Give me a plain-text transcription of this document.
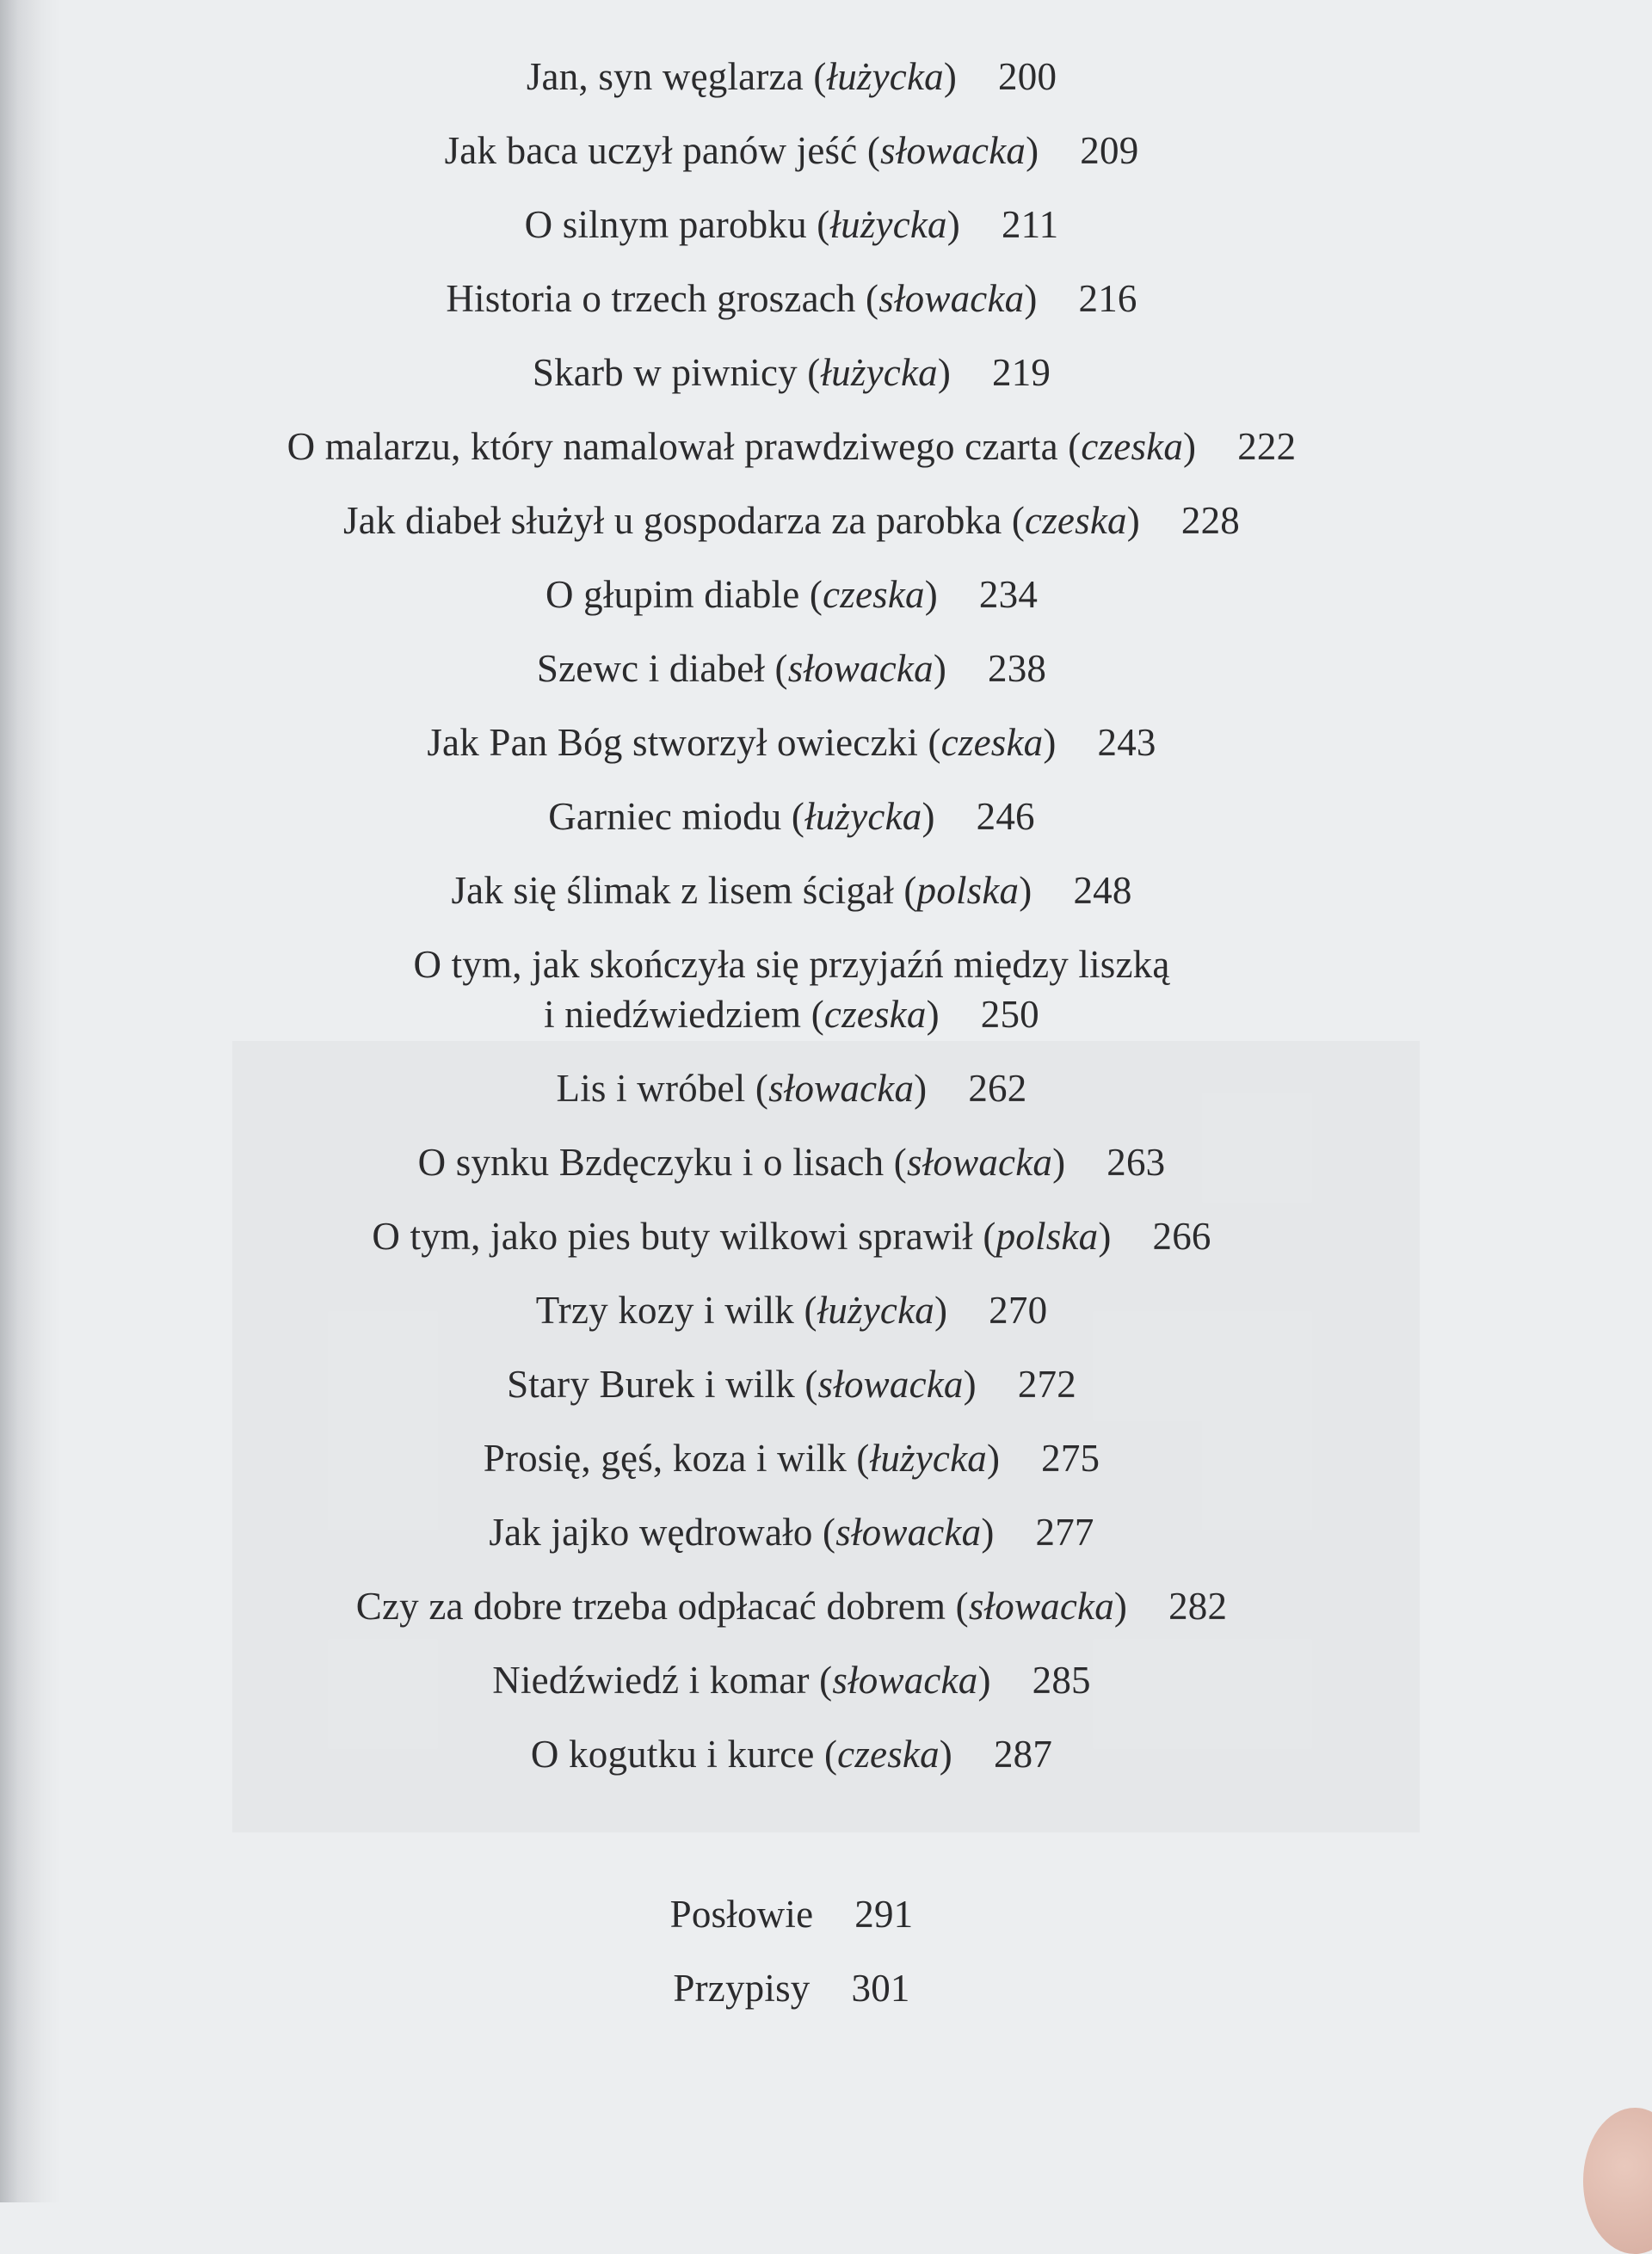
Jan, syn węglarza (łużycka) 200
Jak baca uczył panów jeść (słowacka) 209
O silnym parobku (łużycka) 211
Historia o trzech groszach (słowacka) 216
Skarb w piwnicy (łużycka) 219
O malarzu, który namalował prawdziwego czarta (czeska) 222
Jak diabeł służył u gospodarza za parobka (czeska) 228
O głupim diable (czeska) 234
Szewc i diabeł (słowacka) 238
Jak Pan Bóg stworzył owieczki (czeska) 243
Garniec miodu (łużycka) 246
Jak się ślimak z lisem ścigał (polska) 248
O tym, jak skończyła się przyjaźń między liszką
i niedźwiedziem (czeska) 250
Lis i wróbel (słowacka) 262
O synku Bzdęczyku i o lisach (słowacka) 263
O tym, jako pies buty wilkowi sprawił (polska) 266
Trzy kozy i wilk (łużycka) 270
Stary Burek i wilk (słowacka) 272
Prosię, gęś, koza i wilk (łużycka) 275
Jak jajko wędrowało (słowacka) 277
Czy za dobre trzeba odpłacać dobrem (słowacka) 282
Niedźwiedź i komar (słowacka) 285
O kogutku i kurce (czeska) 287
Posłowie 291
Przypisy 301
